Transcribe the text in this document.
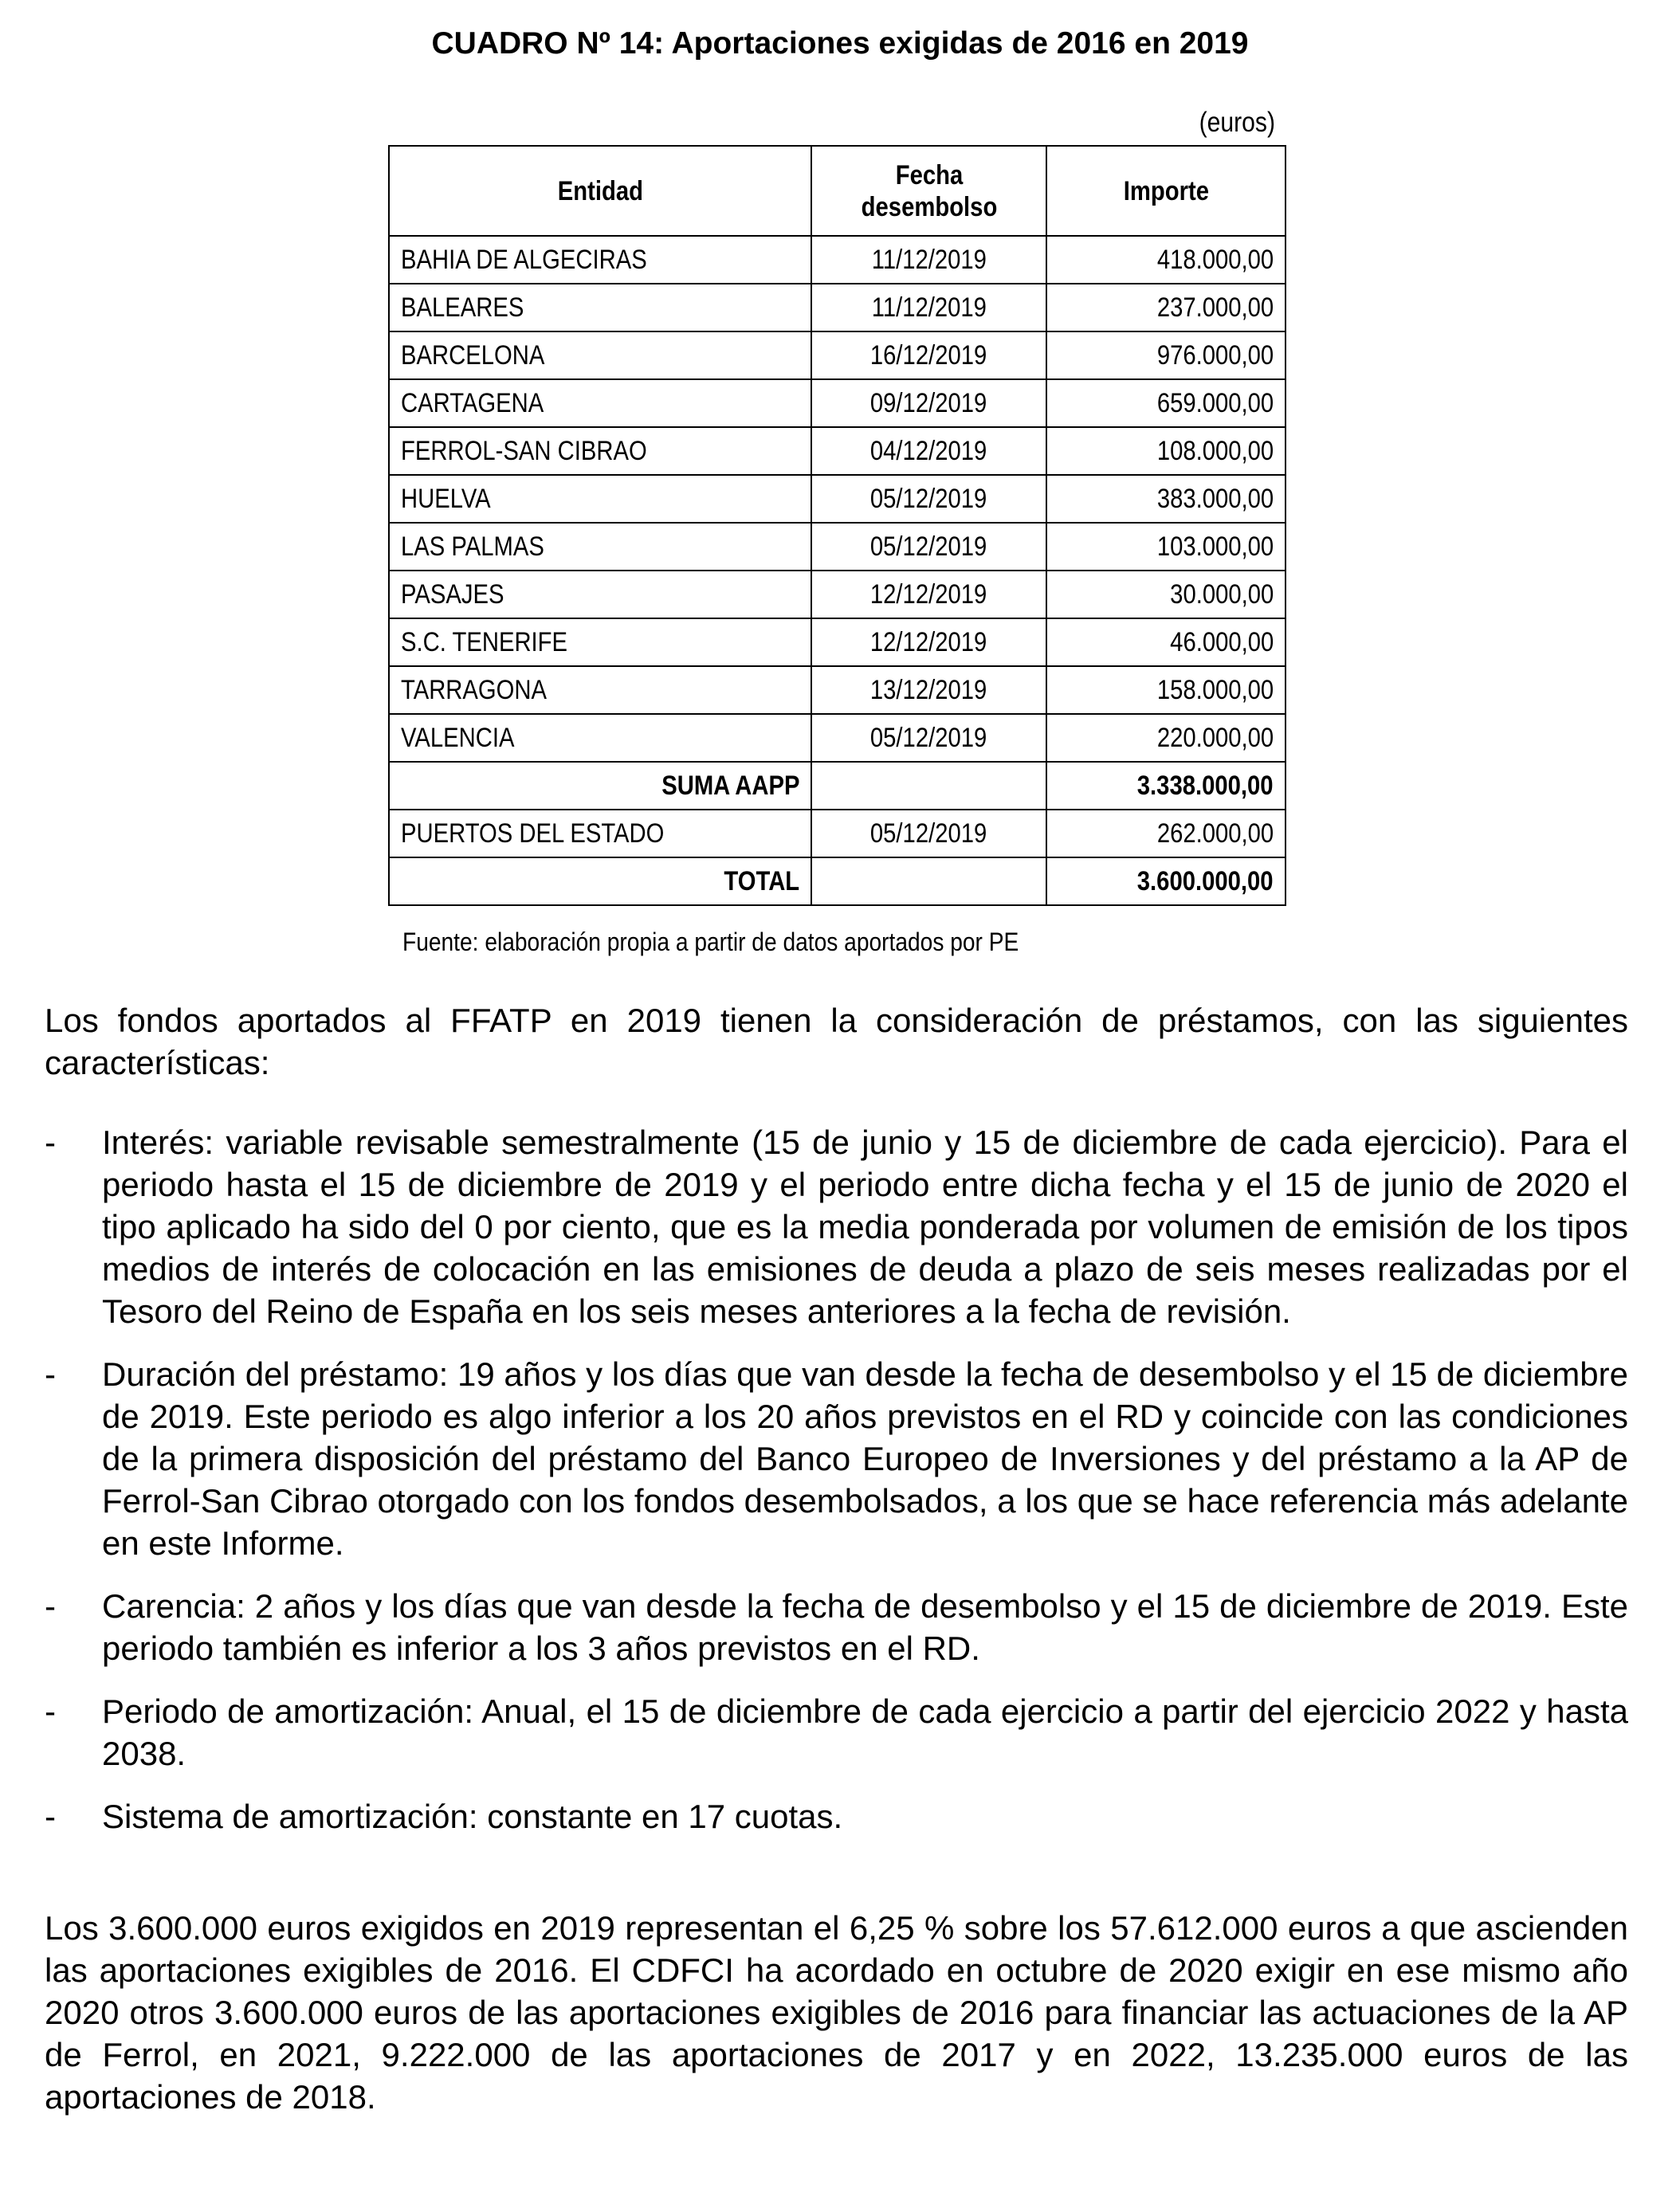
CUADRO Nº 14: Aportaciones exigidas de 2016 en 2019
(euros)
Entidad	Fecha desembolso	Importe
BAHIA DE ALGECIRAS	11/12/2019	418.000,00
BALEARES	11/12/2019	237.000,00
BARCELONA	16/12/2019	976.000,00
CARTAGENA	09/12/2019	659.000,00
FERROL-SAN CIBRAO	04/12/2019	108.000,00
HUELVA	05/12/2019	383.000,00
LAS PALMAS	05/12/2019	103.000,00
PASAJES	12/12/2019	30.000,00
S.C. TENERIFE	12/12/2019	46.000,00
TARRAGONA	13/12/2019	158.000,00
VALENCIA	05/12/2019	220.000,00
SUMA AAPP		3.338.000,00
PUERTOS DEL ESTADO	05/12/2019	262.000,00
TOTAL		3.600.000,00
Fuente: elaboración propia a partir de datos aportados por PE
Los fondos aportados al FFATP en 2019 tienen la consideración de préstamos, con las siguientes características:
- Interés: variable revisable semestralmente (15 de junio y 15 de diciembre de cada ejercicio). Para el periodo hasta el 15 de diciembre de 2019 y el periodo entre dicha fecha y el 15 de junio de 2020 el tipo aplicado ha sido del 0 por ciento, que es la media ponderada por volumen de emisión de los tipos medios de interés de colocación en las emisiones de deuda a plazo de seis meses realizadas por el Tesoro del Reino de España en los seis meses anteriores a la fecha de revisión.
- Duración del préstamo: 19 años y los días que van desde la fecha de desembolso y el 15 de diciembre de 2019. Este periodo es algo inferior a los 20 años previstos en el RD y coincide con las condiciones de la primera disposición del préstamo del Banco Europeo de Inversiones y del préstamo a la AP de Ferrol-San Cibrao otorgado con los fondos desembolsados, a los que se hace referencia más adelante en este Informe.
- Carencia: 2 años y los días que van desde la fecha de desembolso y el 15 de diciembre de 2019. Este periodo también es inferior a los 3 años previstos en el RD.
- Periodo de amortización: Anual, el 15 de diciembre de cada ejercicio a partir del ejercicio 2022 y hasta 2038.
- Sistema de amortización: constante en 17 cuotas.
Los 3.600.000 euros exigidos en 2019 representan el 6,25 % sobre los 57.612.000 euros a que ascienden las aportaciones exigibles de 2016. El CDFCI ha acordado en octubre de 2020 exigir en ese mismo año 2020 otros 3.600.000 euros de las aportaciones exigibles de 2016 para financiar las actuaciones de la AP de Ferrol, en 2021, 9.222.000 de las aportaciones de 2017 y en 2022, 13.235.000 euros de las aportaciones de 2018.
